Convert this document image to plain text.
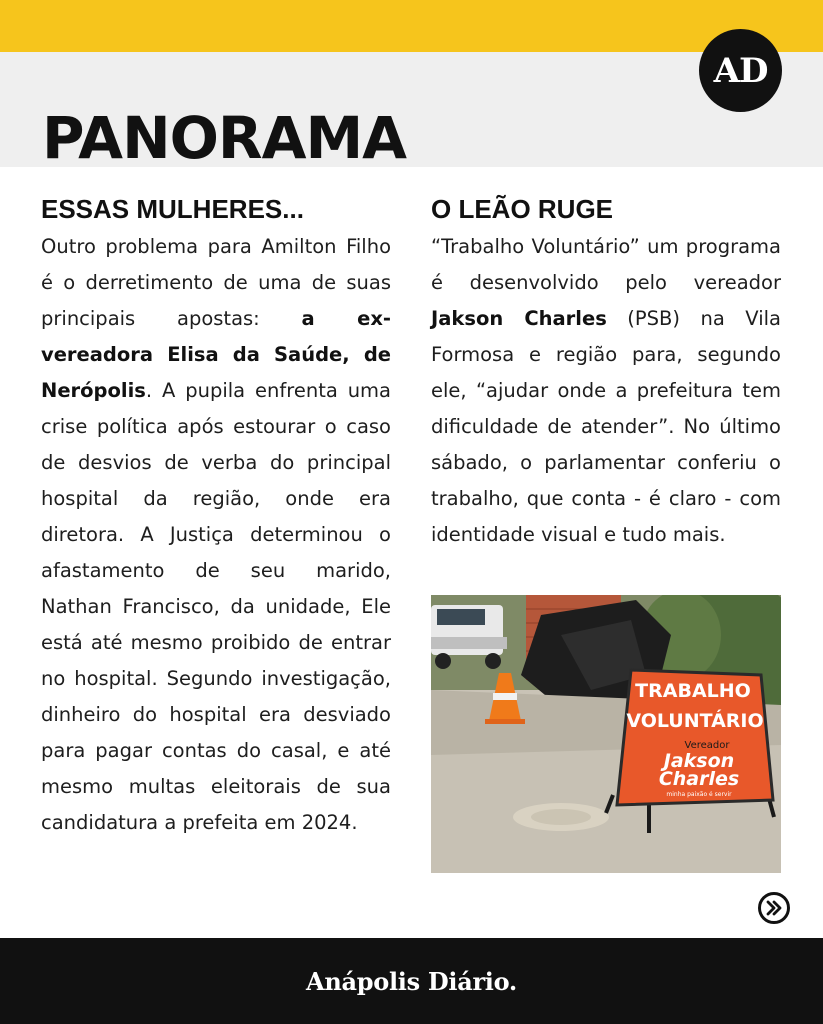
AD
PANORAMA
ESSAS MULHERES...

Outro problema para Amilton Filho é o derretimento de uma de suas principais apostas: a ex-vereadora Elisa da Saúde, de Nerópolis. A pupila enfrenta uma crise política após estourar o caso de desvios de verba do principal hospital da região, onde era diretora. A Justiça determinou o afastamento de seu marido, Nathan Francisco, da unidade, Ele está até mesmo proibido de entrar no hospital. Segundo investigação, dinheiro do hospital era desviado para pagar contas do casal, e até mesmo multas eleitorais de sua candidatura a prefeita em 2024.

O LEÃO RUGE

“Trabalho Voluntário” um programa é desenvolvido pelo vereador Jakson Charles (PSB) na Vila Formosa e região para, segundo ele, “ajudar onde a prefeitura tem dificuldade de atender”. No último sábado, o parlamentar conferiu o trabalho, que conta - é claro - com identidade visual e tudo mais.

TRABALHO
VOLUNTÁRIO
Vereador
Jakson
Charles
minha paixão é servir
Anápolis Diário.
